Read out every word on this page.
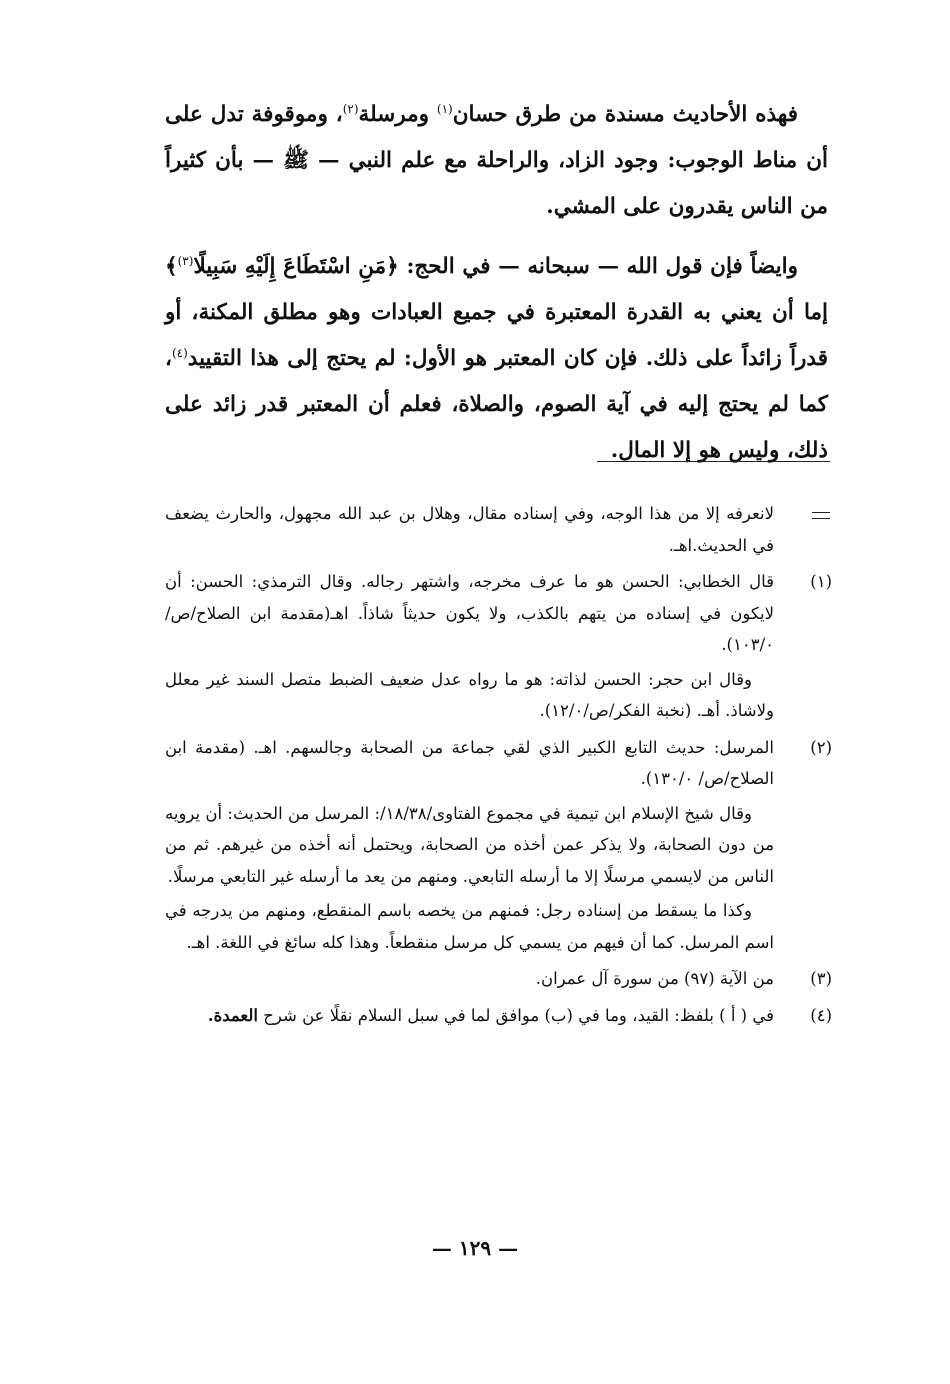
فهذه الأحاديث مسندة من طرق حسان$^{(١)}$ ومرسلة$^{(٢)}$، وموقوفة تدل على أن مناط الوجوب: وجود الزاد، والراحلة مع علم النبي — ﷺ — بأن كثيراً من الناس يقدرون على المشي.

وايضاً فإن قول الله — سبحانه — في الحج: ﴿مَنِ اسْتَطَاعَ إِلَيْهِ سَبِيلًا$^{(٣)}$﴾ إما أن يعني به القدرة المعتبرة في جميع العبادات وهو مطلق المكنة، أو قدراً زائداً على ذلك. فإن كان المعتبر هو الأول: لم يحتج إلى هذا التقييد$^{(٤)}$، كما لم يحتج إليه في آية الصوم، والصلاة، فعلم أن المعتبر قدر زائد على ذلك، وليس هو إلا المال.

لانعرفه إلا من هذا الوجه، وفي إسناده مقال، وهلال بن عبد الله مجهول، والحارث يضعف في الحديث.اهـ.

(١)

قال الخطابي: الحسن هو ما عرف مخرجه، واشتهر رجاله. وقال الترمذي: الحسن: أن لايكون في إسناده من يتهم بالكذب، ولا يكون حديثاً شاذاً. اهـ(مقدمة ابن الصلاح/ص/١٠٣/٠).

وقال ابن حجر: الحسن لذاته: هو ما رواه عدل ضعيف الضبط متصل السند غير معلل ولاشاذ. أهـ. (نخبة الفكر/ص/١٢/٠).

(٢)

المرسل: حديث التابع الكبير الذي لقي جماعة من الصحابة وجالسهم. اهـ. (مقدمة ابن الصلاح/ص/ ١٣٠/٠).

وقال شيخ الإسلام ابن تيمية في مجموع الفتاوى/١٨/٣٨/: المرسل من الحديث: أن يرويه من دون الصحابة، ولا يذكر عمن أخذه من الصحابة، ويحتمل أنه أخذه من غيرهم. ثم من الناس من لايسمي مرسلًا إلا ما أرسله التابعي. ومنهم من يعد ما أرسله غير التابعي مرسلًا.

وكذا ما يسقط من إسناده رجل: فمنهم من يخصه باسم المنقطع، ومنهم من يدرجه في اسم المرسل. كما أن فيهم من يسمي كل مرسل منقطعاً. وهذا كله سائغ في اللغة. اهـ.

(٣)

من الآية (٩٧) من سورة آل عمران.

(٤)

في ( أ ) بلفظ: القيد، وما في (ب) موافق لما في سبل السلام نقلًا عن شرح العمدة.

— ١٢٩ —
